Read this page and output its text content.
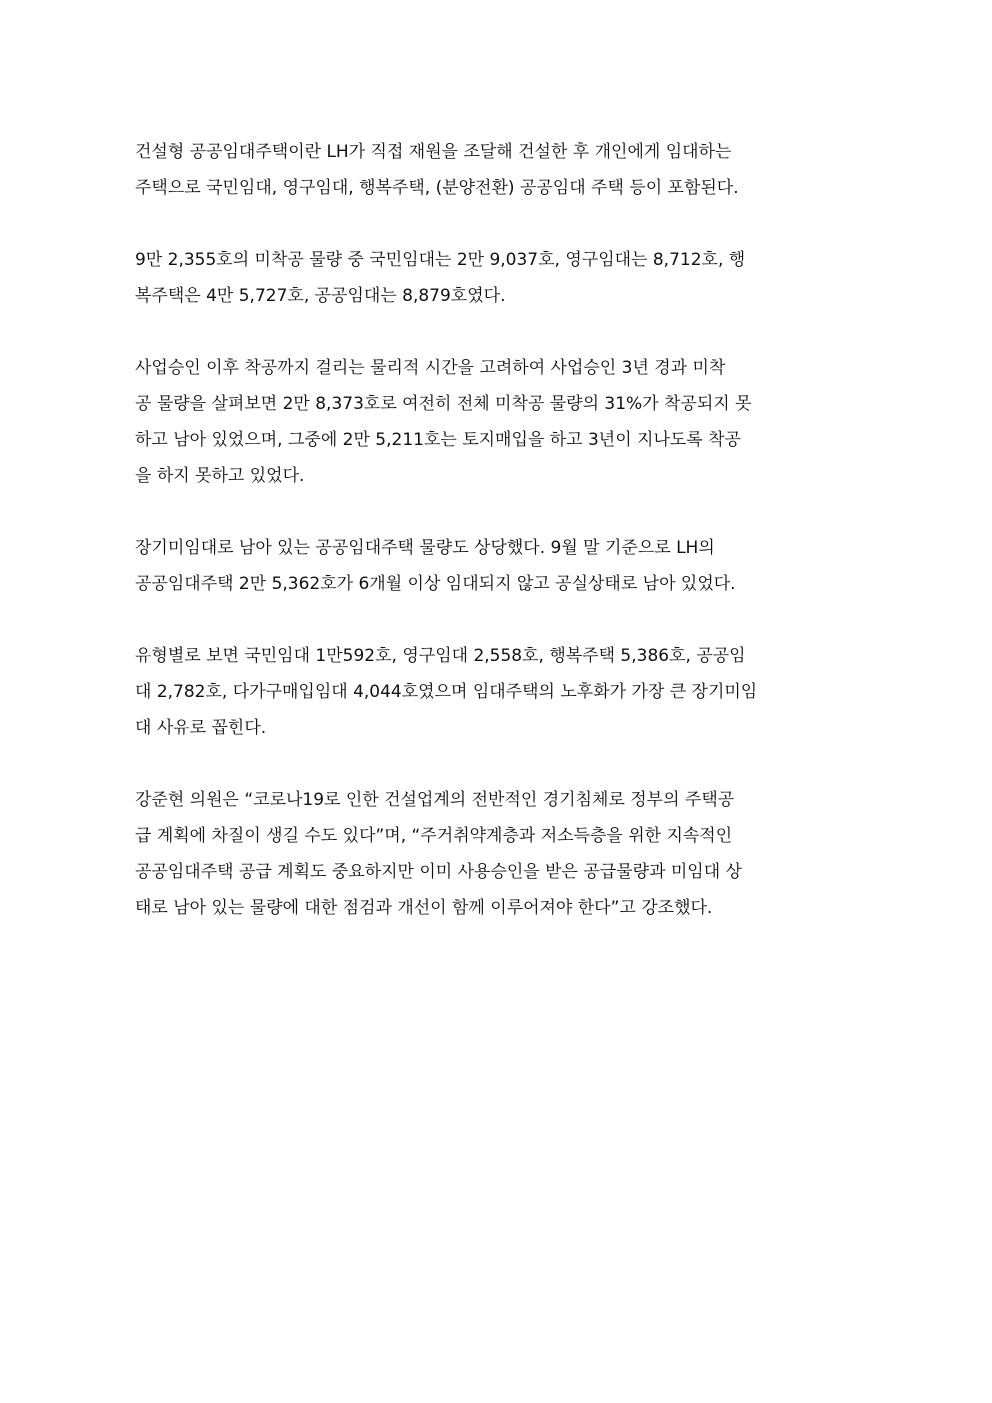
건설형 공공임대주택이란 LH가 직접 재원을 조달해 건설한 후 개인에게 임대하는
주택으로 국민임대, 영구임대, 행복주택, (분양전환) 공공임대 주택 등이 포함된다.

9만 2,355호의 미착공 물량 중 국민임대는 2만 9,037호, 영구임대는 8,712호, 행
복주택은 4만 5,727호, 공공임대는 8,879호였다.

사업승인 이후 착공까지 걸리는 물리적 시간을 고려하여 사업승인 3년 경과 미착
공 물량을 살펴보면 2만 8,373호로 여전히 전체 미착공 물량의 31%가 착공되지 못
하고 남아 있었으며, 그중에 2만 5,211호는 토지매입을 하고 3년이 지나도록 착공
을 하지 못하고 있었다.

장기미임대로 남아 있는 공공임대주택 물량도 상당했다. 9월 말 기준으로 LH의
공공임대주택 2만 5,362호가 6개월 이상 임대되지 않고 공실상태로 남아 있었다.

유형별로 보면 국민임대 1만592호, 영구임대 2,558호, 행복주택 5,386호, 공공임
대 2,782호, 다가구매입임대 4,044호였으며 임대주택의 노후화가 가장 큰 장기미임
대 사유로 꼽힌다.

강준현 의원은 “코로나19로 인한 건설업계의 전반적인 경기침체로 정부의 주택공
급 계획에 차질이 생길 수도 있다”며, “주거취약계층과 저소득층을 위한 지속적인
공공임대주택 공급 계획도 중요하지만 이미 사용승인을 받은 공급물량과 미임대 상
태로 남아 있는 물량에 대한 점검과 개선이 함께 이루어져야 한다”고 강조했다.
